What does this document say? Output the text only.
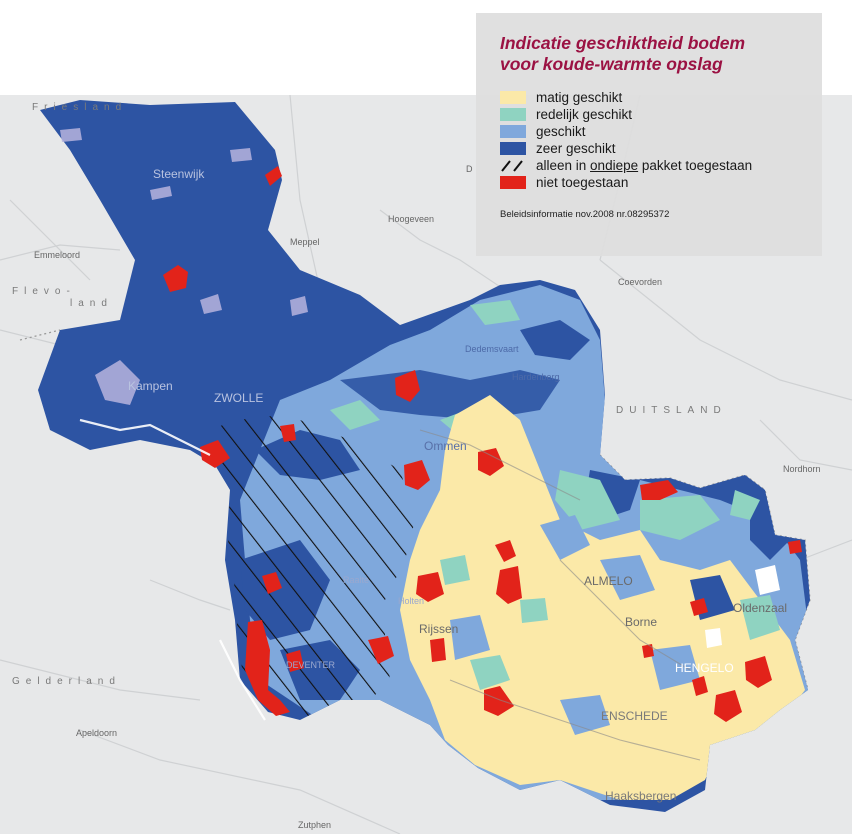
Friesland
Steenwijk
Hoogeveen
Meppel
Emmeloord
Flevo-
land
Coevorden
Kampen
ZWOLLE
Dedemsvaart
Hardenberg
DUITSLAND
Ommen
Nordhorn
ALMELO
Borne
Oldenzaal
Rijssen
HENGELO
ENSCHEDE
Haaksbergen
Gelderland
Apeldoorn
Zutphen
DEVENTER
Raalte
Holten
D
Indicatie geschiktheid bodem
voor koude-warmte opslag
matig geschikt
redelijk geschikt
geschikt
zeer geschikt
alleen in ondiepe pakket toegestaan
niet toegestaan
Beleidsinformatie nov.2008 nr.08295372
